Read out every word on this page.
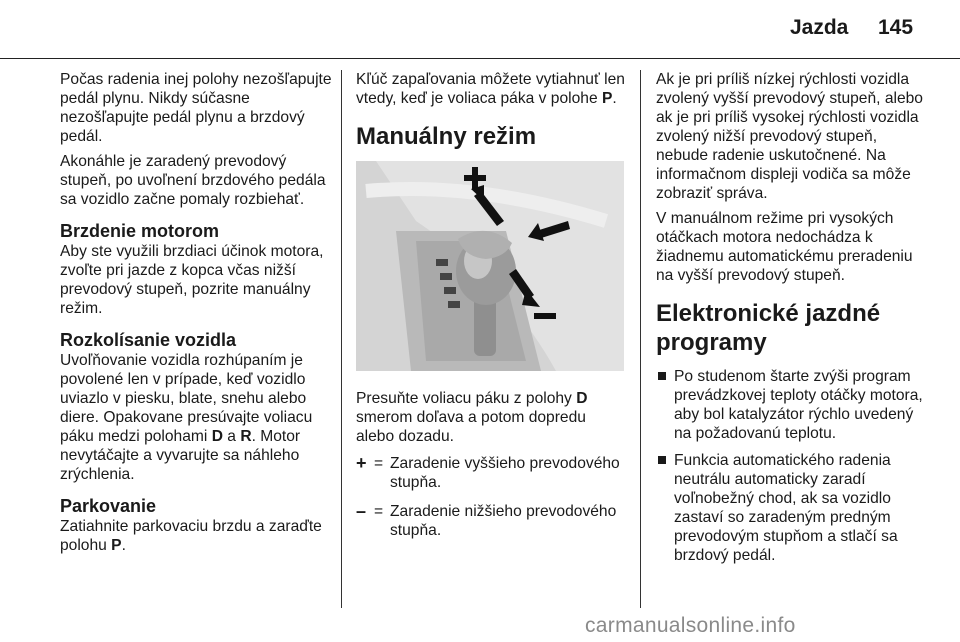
Jazda 145

Počas radenia inej polohy nezošľapujte pedál plynu. Nikdy súčasne nezošľapujte pedál plynu a brzdový pedál.

Akonáhle je zaradený prevodový stupeň, po uvoľnení brzdového pedála sa vozidlo začne pomaly rozbiehať.

Brzdenie motorom

Aby ste využili brzdiaci účinok motora, zvoľte pri jazde z kopca včas nižší prevodový stupeň, pozrite manuálny režim.

Rozkolísanie vozidla

Uvoľňovanie vozidla rozhúpaním je povolené len v prípade, keď vozidlo uviazlo v piesku, blate, snehu alebo diere. Opakovane presúvajte voliacu páku medzi polohami D a R. Motor nevytáčajte a vyvarujte sa náhleho zrýchlenia.

Parkovanie

Zatiahnite parkovaciu brzdu a zaraďte polohu P.

Kľúč zapaľovania môžete vytiahnuť len vtedy, keď je voliaca páka v polohe P.

Manuálny režim

Presuňte voliacu páku z polohy D smerom doľava a potom dopredu alebo dozadu.

+ = Zaradenie vyššieho prevodového stupňa.
– = Zaradenie nižšieho prevodového stupňa.

Ak je pri príliš nízkej rýchlosti vozidla zvolený vyšší prevodový stupeň, alebo ak je pri príliš vysokej rýchlosti vozidla zvolený nižší prevodový stupeň, nebude radenie uskutočnené. Na informačnom displeji vodiča sa môže zobraziť správa.

V manuálnom režime pri vysokých otáčkach motora nedochádza k žiadnemu automatickému preradeniu na vyšší prevodový stupeň.

Elektronické jazdné programy
Po studenom štarte zvýši program prevádzkovej teploty otáčky motora, aby bol katalyzátor rýchlo uvedený na požadovanú teplotu.
Funkcia automatického radenia neutrálu automaticky zaradí voľnobežný chod, ak sa vozidlo zastaví so zaradeným predným prevodovým stupňom a stlačí sa brzdový pedál.
carmanualsonline.info
